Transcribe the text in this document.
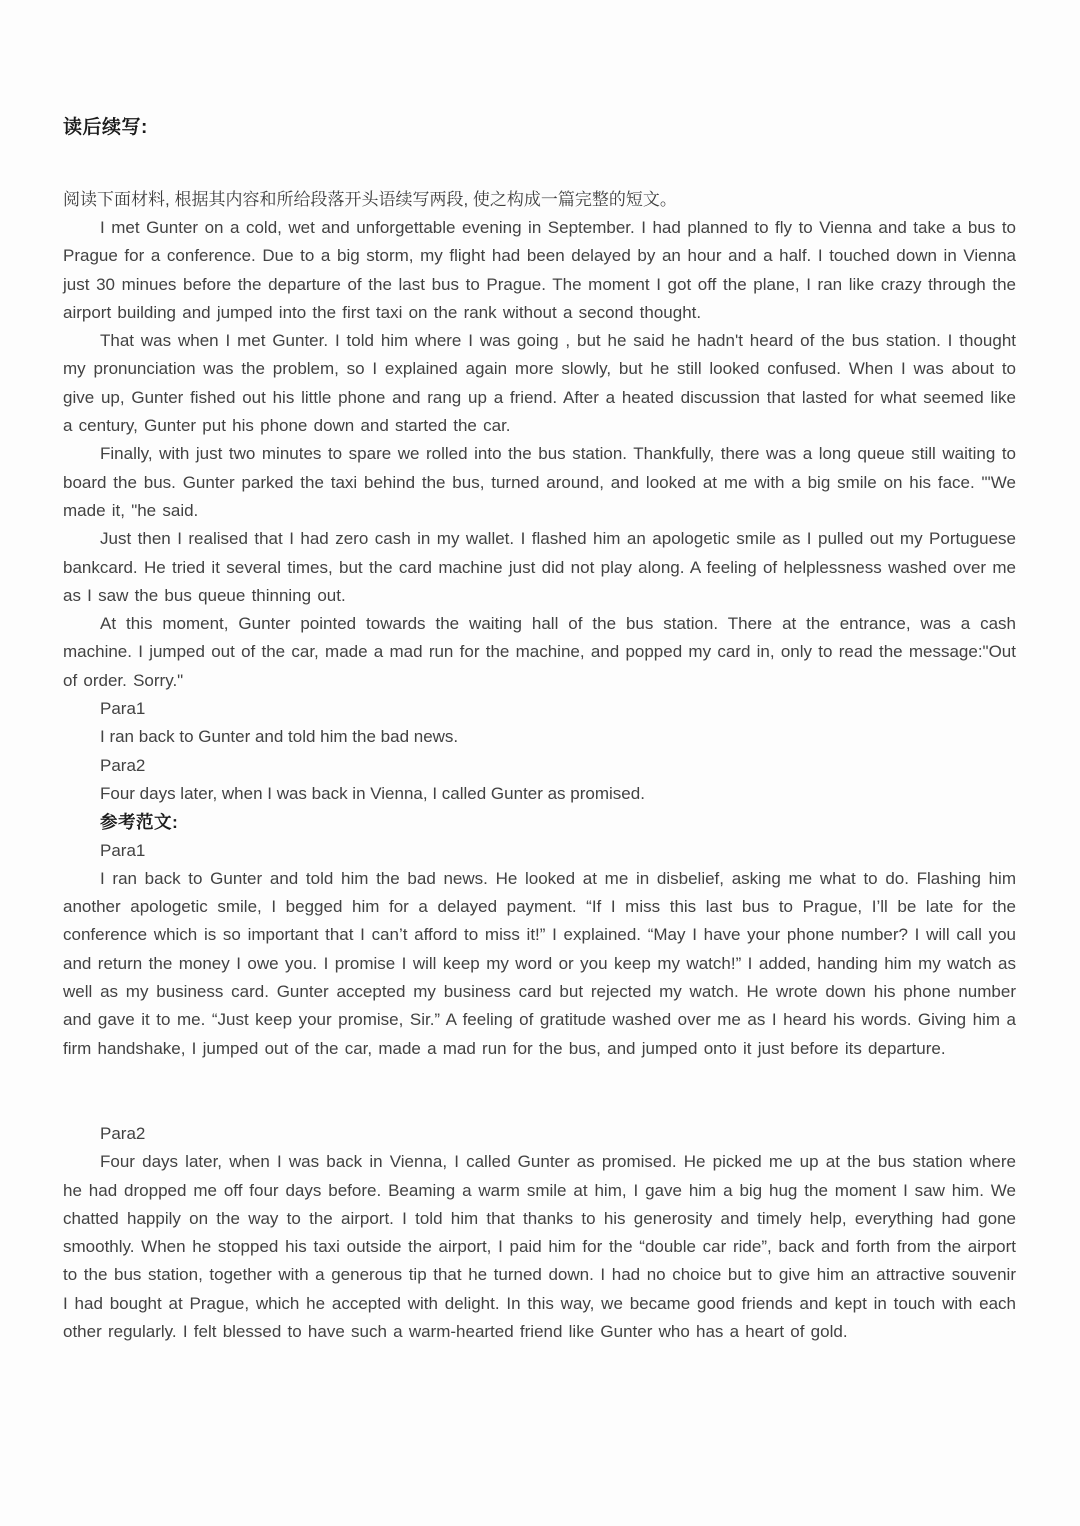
读后续写:

阅读下面材料, 根据其内容和所给段落开头语续写两段, 使之构成一篇完整的短文。

I met Gunter on a cold, wet and unforgettable evening in September. I had planned to fly to Vienna and take a bus to Prague for a conference. Due to a big storm, my flight had been delayed by an hour and a half. I touched down in Vienna just 30 minues before the departure of the last bus to Prague. The moment I got off the plane, I ran like crazy through the airport building and jumped into the first taxi on the rank without a second thought.

That was when I met Gunter. I told him where I was going , but he said he hadn't heard of the bus station. I thought my pronunciation was the problem, so I explained again more slowly, but he still looked confused. When I was about to give up, Gunter fished out his little phone and rang up a friend. After a heated discussion that lasted for what seemed like a century, Gunter put his phone down and started the car.

Finally, with just two minutes to spare we rolled into the bus station. Thankfully, there was a long queue still waiting to board the bus. Gunter parked the taxi behind the bus, turned around, and looked at me with a big smile on his face. "'We made it, "he said.

Just then I realised that I had zero cash in my wallet. I flashed him an apologetic smile as I pulled out my Portuguese bankcard. He tried it several times, but the card machine just did not play along. A feeling of helplessness washed over me as I saw the bus queue thinning out.

At this moment, Gunter pointed towards the waiting hall of the bus station. There at the entrance, was a cash machine. I jumped out of the car, made a mad run for the machine, and popped my card in, only to read the message:"Out of order. Sorry."

Para1

I ran back to Gunter and told him the bad news.

Para2

Four days later, when I was back in Vienna, I called Gunter as promised.

参考范文:

Para1

I ran back to Gunter and told him the bad news. He looked at me in disbelief, asking me what to do. Flashing him another apologetic smile, I begged him for a delayed payment. “If I miss this last bus to Prague, I’ll be late for the conference which is so important that I can’t afford to miss it!” I explained. “May I have your phone number? I will call you and return the money I owe you. I promise I will keep my word or you keep my watch!” I added, handing him my watch as well as my business card. Gunter accepted my business card but rejected my watch. He wrote down his phone number and gave it to me. “Just keep your promise, Sir.” A feeling of gratitude washed over me as I heard his words. Giving him a firm handshake, I jumped out of the car, made a mad run for the bus, and jumped onto it just before its departure.

Para2

Four days later, when I was back in Vienna, I called Gunter as promised. He picked me up at the bus station where he had dropped me off four days before. Beaming a warm smile at him, I gave him a big hug the moment I saw him. We chatted happily on the way to the airport. I told him that thanks to his generosity and timely help, everything had gone smoothly. When he stopped his taxi outside the airport, I paid him for the “double car ride”, back and forth from the airport to the bus station, together with a generous tip that he turned down. I had no choice but to give him an attractive souvenir I had bought at Prague, which he accepted with delight. In this way, we became good friends and kept in touch with each other regularly. I felt blessed to have such a warm-hearted friend like Gunter who has a heart of gold.
